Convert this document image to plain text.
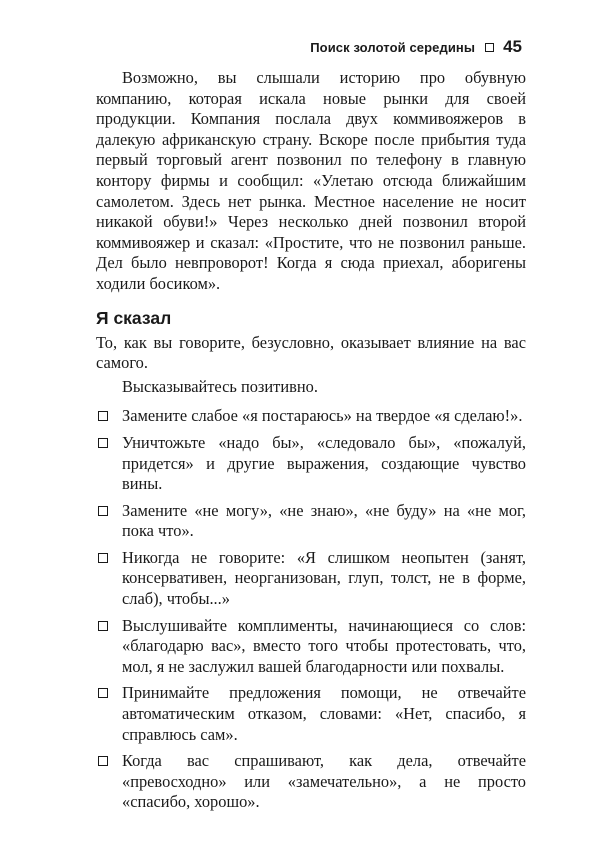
Поиск золотой середины 45

Возможно, вы слышали историю про обувную компанию, которая искала новые рынки для своей продукции. Компания послала двух коммивояжеров в далекую африканскую страну. Вскоре после прибытия туда первый торговый агент позвонил по телефону в главную контору фирмы и сообщил: «Улетаю отсюда ближайшим самолетом. Здесь нет рынка. Местное население не носит никакой обуви!» Через несколько дней позвонил второй коммивояжер и сказал: «Простите, что не позвонил раньше. Дел было невпроворот! Когда я сюда приехал, аборигены ходили босиком».

Я сказал

То, как вы говорите, безусловно, оказывает влияние на вас самого.

Высказывайтесь позитивно.

Замените слабое «я постараюсь» на твердое «я сделаю!».
Уничтожьте «надо бы», «следовало бы», «пожалуй, придется» и другие выражения, создающие чувство вины.
Замените «не могу», «не знаю», «не буду» на «не мог, пока что».
Никогда не говорите: «Я слишком неопытен (занят, консервативен, неорганизован, глуп, толст, не в форме, слаб), чтобы...»
Выслушивайте комплименты, начинающиеся со слов: «благодарю вас», вместо того чтобы протестовать, что, мол, я не заслужил вашей благодарности или похвалы.
Принимайте предложения помощи, не отвечайте автоматическим отказом, словами: «Нет, спасибо, я справлюсь сам».
Когда вас спрашивают, как дела, отвечайте «превосходно» или «замечательно», а не просто «спасибо, хорошо».
